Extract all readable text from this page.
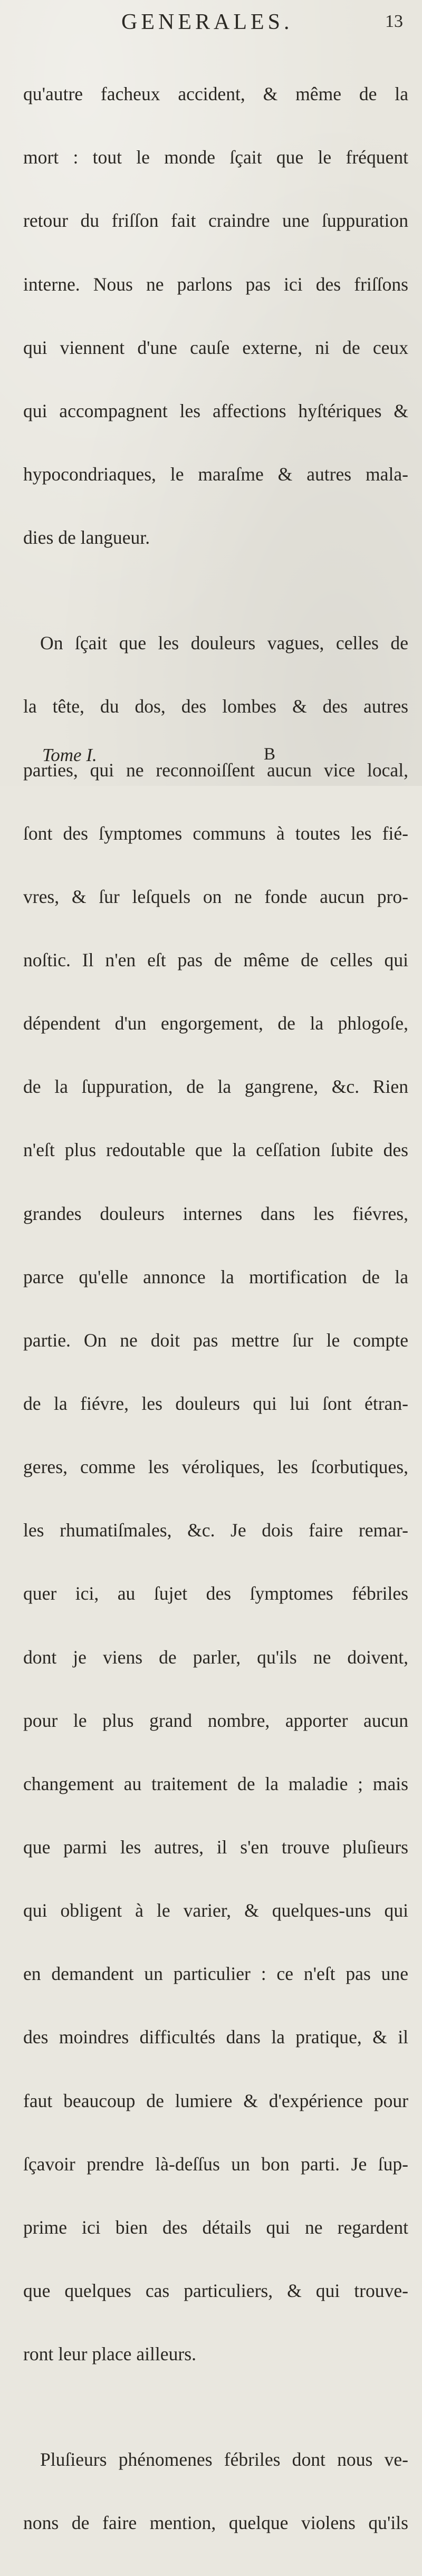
GENERALES.	13

qu'autre facheux accident, & même de la

mort : tout le monde ſçait que le fréquent

retour du friſſon fait craindre une ſuppuration

interne. Nous ne parlons pas ici des friſſons

qui viennent d'une cauſe externe, ni de ceux

qui accompagnent les affections hyſtériques &

hypocondriaques, le maraſme & autres mala-

dies de langueur.

On ſçait que les douleurs vagues, celles de

la tête, du dos, des lombes & des autres

parties, qui ne reconnoiſſent aucun vice local,

ſont des ſymptomes communs à toutes les fié-

vres, & ſur leſquels on ne fonde aucun pro-

noſtic. Il n'en eſt pas de même de celles qui

dépendent d'un engorgement, de la phlogoſe,

de la ſuppuration, de la gangrene, &c. Rien

n'eſt plus redoutable que la ceſſation ſubite des

grandes douleurs internes dans les fiévres,

parce qu'elle annonce la mortification de la

partie. On ne doit pas mettre ſur le compte

de la fiévre, les douleurs qui lui ſont étran-

geres, comme les véroliques, les ſcorbutiques,

les rhumatiſmales, &c. Je dois faire remar-

quer ici, au ſujet des ſymptomes fébriles

dont je viens de parler, qu'ils ne doivent,

pour le plus grand nombre, apporter aucun

changement au traitement de la maladie ; mais

que parmi les autres, il s'en trouve pluſieurs

qui obligent à le varier, & quelques-uns qui

en demandent un particulier : ce n'eſt pas une

des moindres difficultés dans la pratique, & il

faut beaucoup de lumiere & d'expérience pour

ſçavoir prendre là-deſſus un bon parti. Je ſup-

prime ici bien des détails qui ne regardent

que quelques cas particuliers, & qui trouve-

ront leur place ailleurs.

Pluſieurs phénomenes fébriles dont nous ve-

nons de faire mention, quelque violens qu'ils

Tome I.	B
